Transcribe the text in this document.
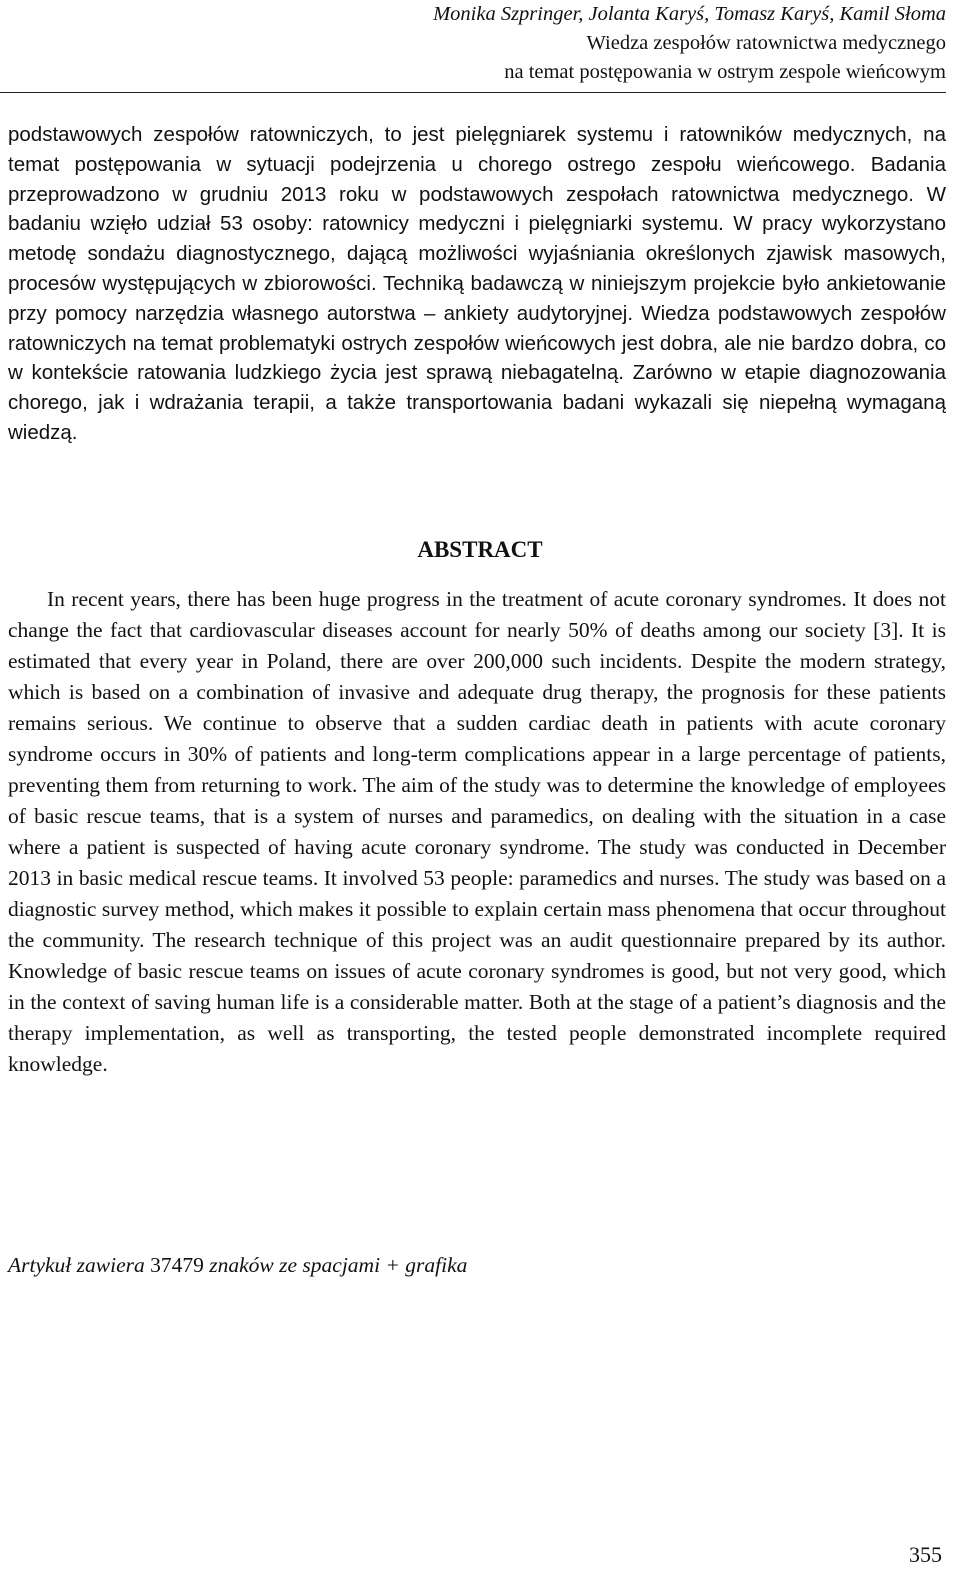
Monika Szpringer, Jolanta Karyś, Tomasz Karyś, Kamil Słoma
Wiedza zespołów ratownictwa medycznego
na temat postępowania w ostrym zespole wieńcowym

podstawowych zespołów ratowniczych, to jest pielęgniarek systemu i ratowników medycznych, na temat postępowania w sytuacji podejrzenia u chorego ostrego zespołu wieńcowego. Badania przeprowadzono w grudniu 2013 roku w podstawowych zespołach ratownictwa medycznego. W badaniu wzięło udział 53 osoby: ratownicy medyczni i pielęgniarki systemu. W pracy wykorzystano metodę sondażu diagnostycznego, dającą możliwości wyjaśniania określonych zjawisk masowych, procesów występujących w zbiorowości. Techniką badawczą w niniejszym projekcie było ankietowanie przy pomocy narzędzia własnego autorstwa – ankiety audytoryjnej. Wiedza podstawowych zespołów ratowniczych na temat problematyki ostrych zespołów wieńcowych jest dobra, ale nie bardzo dobra, co w kontekście ratowania ludzkiego życia jest sprawą niebagatelną. Zarówno w etapie diagnozowania chorego, jak i wdrażania terapii, a także transportowania badani wykazali się niepełną wymaganą wiedzą.

ABSTRACT

In recent years, there has been huge progress in the treatment of acute coronary syndromes. It does not change the fact that cardiovascular diseases account for nearly 50% of deaths among our society [3]. It is estimated that every year in Poland, there are over 200,000 such incidents. Despite the modern strategy, which is based on a combination of invasive and adequate drug therapy, the prognosis for these patients remains serious. We continue to observe that a sudden cardiac death in patients with acute coronary syndrome occurs in 30% of patients and long-term complications appear in a large percentage of patients, preventing them from returning to work. The aim of the study was to determine the knowledge of employees of basic rescue teams, that is a system of nurses and paramedics, on dealing with the situation in a case where a patient is suspected of having acute coronary syndrome. The study was conducted in December 2013 in basic medical rescue teams. It involved 53 people: paramedics and nurses. The study was based on a diagnostic survey method, which makes it possible to explain certain mass phenomena that occur throughout the community. The research technique of this project was an audit questionnaire prepared by its author. Knowledge of basic rescue teams on issues of acute coronary syndromes is good, but not very good, which in the context of saving human life is a considerable matter. Both at the stage of a patient’s diagnosis and the therapy implementation, as well as transporting, the tested people demonstrated incomplete required knowledge.

Artykuł zawiera 37479 znaków ze spacjami + grafika
355
